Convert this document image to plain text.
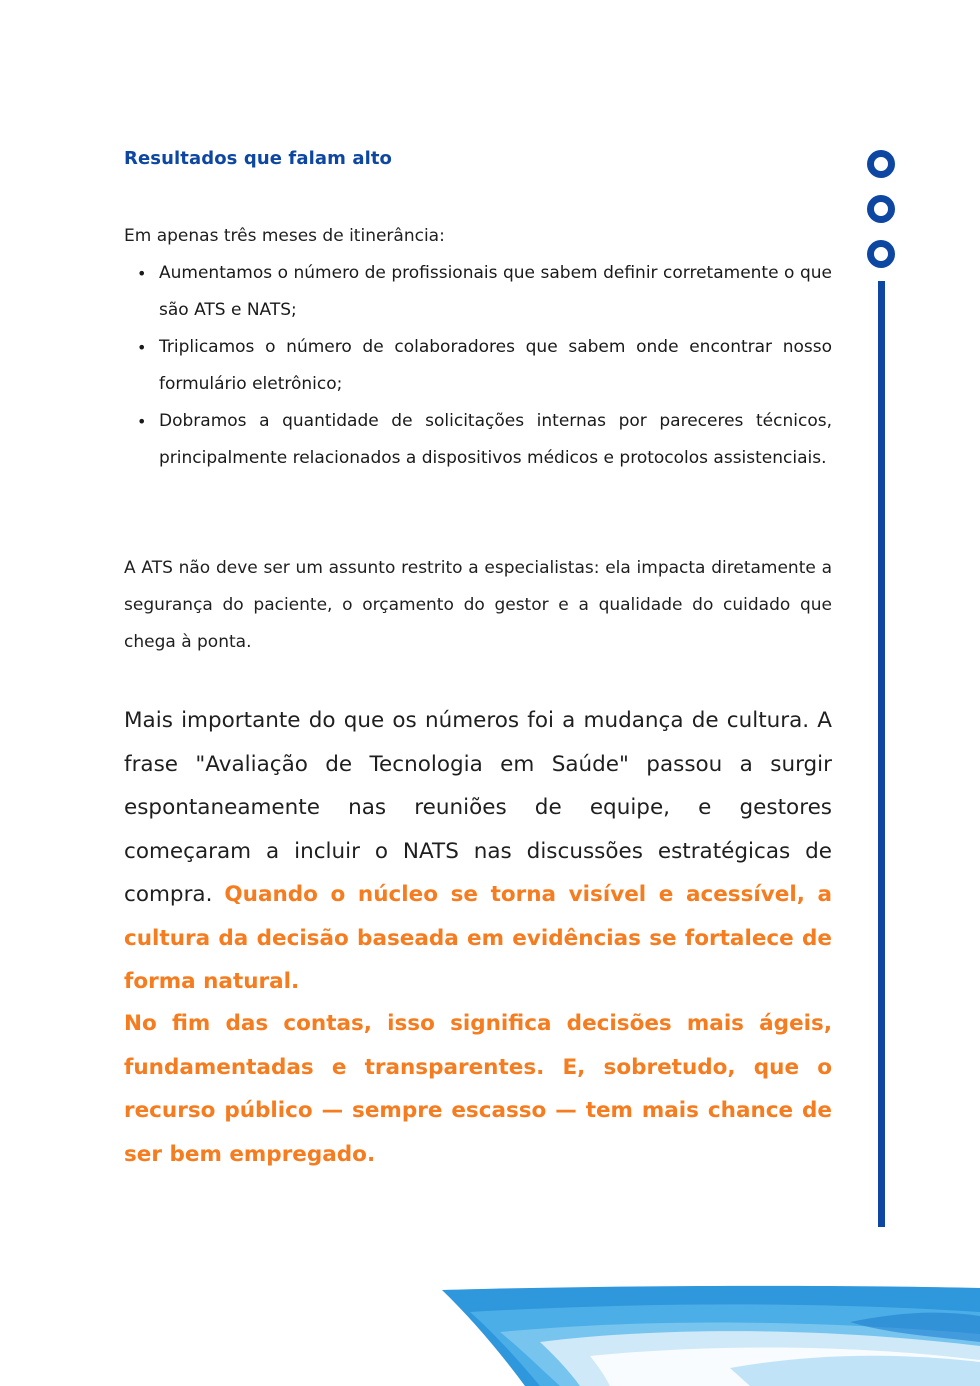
Resultados que falam alto
Em apenas três meses de itinerância:
• Aumentamos o número de profissionais que sabem definir corretamente o que são ATS e NATS;
• Triplicamos o número de colaboradores que sabem onde encontrar nosso formulário eletrônico;
• Dobramos a quantidade de solicitações internas por pareceres técnicos, principalmente relacionados a dispositivos médicos e protocolos assistenciais.
A ATS não deve ser um assunto restrito a especialistas: ela impacta diretamente a segurança do paciente, o orçamento do gestor e a qualidade do cuidado que chega à ponta.
Mais importante do que os números foi a mudança de cultura. A frase "Avaliação de Tecnologia em Saúde" passou a surgir espontaneamente nas reuniões de equipe, e gestores começaram a incluir o NATS nas discussões estratégicas de compra. Quando o núcleo se torna visível e acessível, a cultura da decisão baseada em evidências se fortalece de forma natural.
No fim das contas, isso significa decisões mais ágeis, fundamentadas e transparentes. E, sobretudo, que o recurso público — sempre escasso — tem mais chance de ser bem empregado.
